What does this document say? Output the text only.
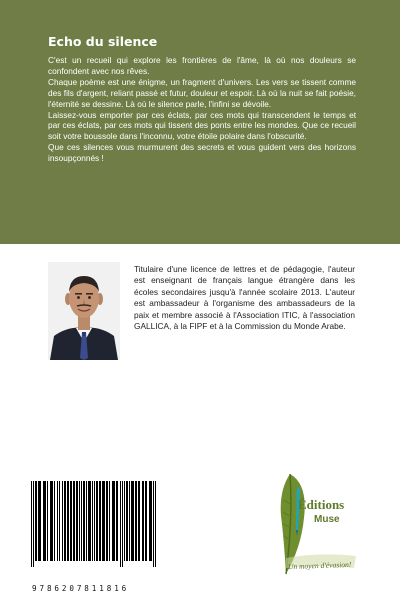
Echo du silence

C'est un recueil qui explore les frontières de l'âme, là où nos douleurs se confondent avec nos rêves.

Chaque poème est une énigme, un fragment d'univers. Les vers se tissent comme des fils d'argent, reliant passé et futur, douleur et espoir. Là où la nuit se fait poésie, l'éternité se dessine. Là où le silence parle, l'infini se dévoile.

Laissez-vous emporter par ces éclats, par ces mots qui transcendent le temps et par ces éclats, par ces mots qui tissent des ponts entre les mondes. Que ce recueil soit votre boussole dans l'inconnu, votre étoile polaire dans l'obscurité.

Que ces silences vous murmurent des secrets et vous guident vers des horizons insoupçonnés !

Titulaire d'une licence de lettres et de pédagogie, l'auteur est enseignant de français langue étrangère dans les écoles secondaires jusqu'à l'année scolaire 2013. L'auteur est ambassadeur à l'organisme des ambassadeurs de la paix et membre associé à l'Association ITIC, à l'association GALLICA, à la FIPF et à la Commission du Monde Arabe.
9786207811816
Éditions
Muse
Un moyen d'évasion!
